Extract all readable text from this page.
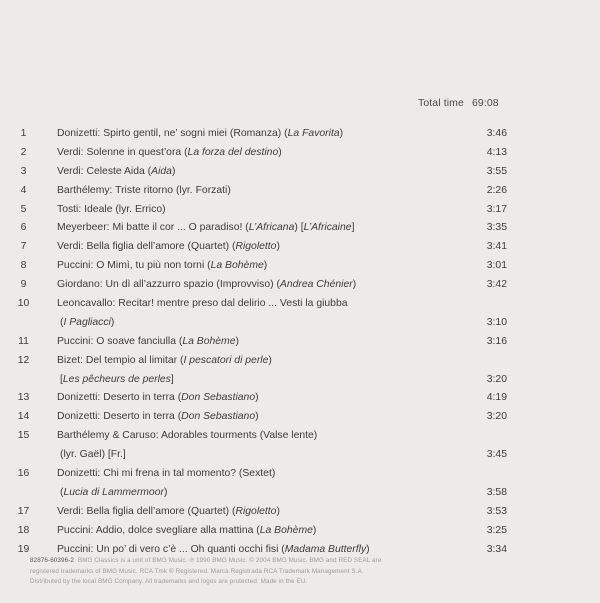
Total time 69:08
1	Donizetti: Spirto gentil, ne’ sogni miei (Romanza) (La Favorita)	3:46
2	Verdi: Solenne in quest’ora (La forza del destino)	4:13
3	Verdi: Celeste Aida (Aida)	3:55
4	Barthélemy: Triste ritorno (lyr. Forzati)	2:26
5	Tosti: Ideale (lyr. Errico)	3:17
6	Meyerbeer: Mi batte il cor ... O paradiso! (L’Africana) [L’Africaine]	3:35
7	Verdi: Bella figlia dell’amore (Quartet) (Rigoletto)	3:41
8	Puccini: O Mimì, tu più non torni (La Bohème)	3:01
9	Giordano: Un dì all’azzurro spazio (Improvviso) (Andrea Chénier)	3:42
10	Leoncavallo: Recitar! mentre preso dal delirio ... Vesti la giubba
(I Pagliacci)	3:10
11	Puccini: O soave fanciulla (La Bohème)	3:16
12	Bizet: Del tempio al limitar (I pescatori di perle)
[Les pêcheurs de perles]	3:20
13	Donizetti: Deserto in terra (Don Sebastiano)	4:19
14	Donizetti: Deserto in terra (Don Sebastiano)	3:20
15	Barthélemy & Caruso: Adorables tourments (Valse lente)
(lyr. Gaël) [Fr.]	3:45
16	Donizetti: Chi mi frena in tal momento? (Sextet)
(Lucia di Lammermoor)	3:58
17	Verdi: Bella figlia dell’amore (Quartet) (Rigoletto)	3:53
18	Puccini: Addio, dolce svegliare alla mattina (La Bohème)	3:25
19	Puccini: Un po’ di vero c’è ... Oh quanti occhi fisi (Madama Butterfly)	3:34
82876-60396-2 BMG Classics is a unit of BMG Music. ℗ 1990 BMG Music. © 2004 BMG Music. BMG and RED SEAL are
registered trademarks of BMG Music. RCA Tmk ® Registered. Marca Registrada RCA Trademark Management S.A.
Distributed by the local BMG Company. All trademarks and logos are protected. Made in the EU.
